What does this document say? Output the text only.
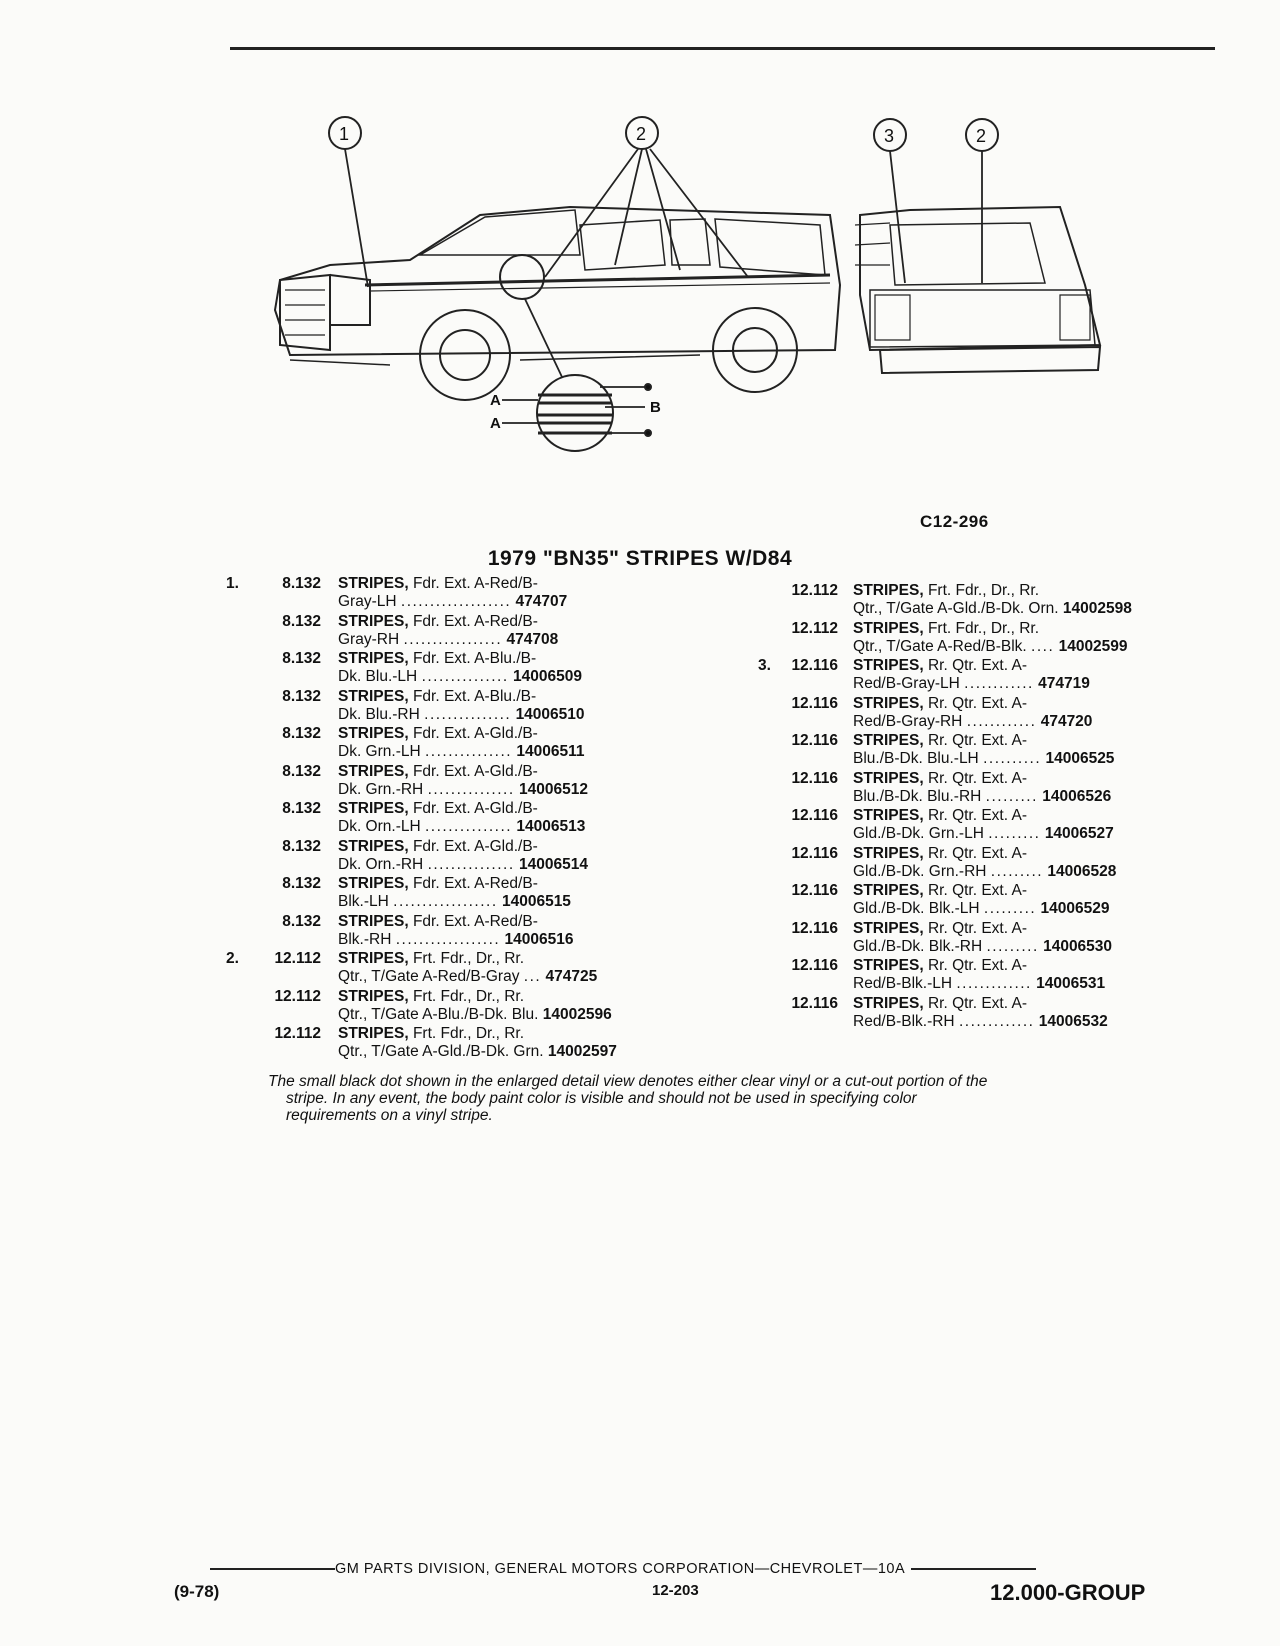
1	2	3	2
A
A
B
C12-296
1979 "BN35" STRIPES W/D84
1.	8.132 STRIPES, Fdr. Ext. A-Red/B-
Gray-LH ................... 474707
8.132 STRIPES, Fdr. Ext. A-Red/B-
Gray-RH ................. 474708
8.132 STRIPES, Fdr. Ext. A-Blu./B-
Dk. Blu.-LH ............... 14006509
8.132 STRIPES, Fdr. Ext. A-Blu./B-
Dk. Blu.-RH ............... 14006510
8.132 STRIPES, Fdr. Ext. A-Gld./B-
Dk. Grn.-LH ............... 14006511
8.132 STRIPES, Fdr. Ext. A-Gld./B-
Dk. Grn.-RH ............... 14006512
8.132 STRIPES, Fdr. Ext. A-Gld./B-
Dk. Orn.-LH ............... 14006513
8.132 STRIPES, Fdr. Ext. A-Gld./B-
Dk. Orn.-RH ............... 14006514
8.132 STRIPES, Fdr. Ext. A-Red/B-
Blk.-LH .................. 14006515
8.132 STRIPES, Fdr. Ext. A-Red/B-
Blk.-RH .................. 14006516
2. 12.112 STRIPES, Frt. Fdr., Dr., Rr.
Qtr., T/Gate A-Red/B-Gray ... 474725
12.112 STRIPES, Frt. Fdr., Dr., Rr.
Qtr., T/Gate A-Blu./B-Dk. Blu. 14002596
12.112 STRIPES, Frt. Fdr., Dr., Rr.
Qtr., T/Gate A-Gld./B-Dk. Grn. 14002597
12.112 STRIPES, Frt. Fdr., Dr., Rr.
Qtr., T/Gate A-Gld./B-Dk. Orn. 14002598
12.112 STRIPES, Frt. Fdr., Dr., Rr.
Qtr., T/Gate A-Red/B-Blk. .... 14002599
3. 12.116 STRIPES, Rr. Qtr. Ext. A-
Red/B-Gray-LH ............ 474719
12.116 STRIPES, Rr. Qtr. Ext. A-
Red/B-Gray-RH ............ 474720
12.116 STRIPES, Rr. Qtr. Ext. A-
Blu./B-Dk. Blu.-LH .......... 14006525
12.116 STRIPES, Rr. Qtr. Ext. A-
Blu./B-Dk. Blu.-RH ......... 14006526
12.116 STRIPES, Rr. Qtr. Ext. A-
Gld./B-Dk. Grn.-LH ......... 14006527
12.116 STRIPES, Rr. Qtr. Ext. A-
Gld./B-Dk. Grn.-RH ......... 14006528
12.116 STRIPES, Rr. Qtr. Ext. A-
Gld./B-Dk. Blk.-LH ......... 14006529
12.116 STRIPES, Rr. Qtr. Ext. A-
Gld./B-Dk. Blk.-RH ......... 14006530
12.116 STRIPES, Rr. Qtr. Ext. A-
Red/B-Blk.-LH ............. 14006531
12.116 STRIPES, Rr. Qtr. Ext. A-
Red/B-Blk.-RH ............. 14006532
The small black dot shown in the enlarged detail view denotes either clear vinyl or a cut-out portion of the
stripe. In any event, the body paint color is visible and should not be used in specifying color
requirements on a vinyl stripe.
GM PARTS DIVISION, GENERAL MOTORS CORPORATION—CHEVROLET—10A
(9-78)	12-203	12.000-GROUP
